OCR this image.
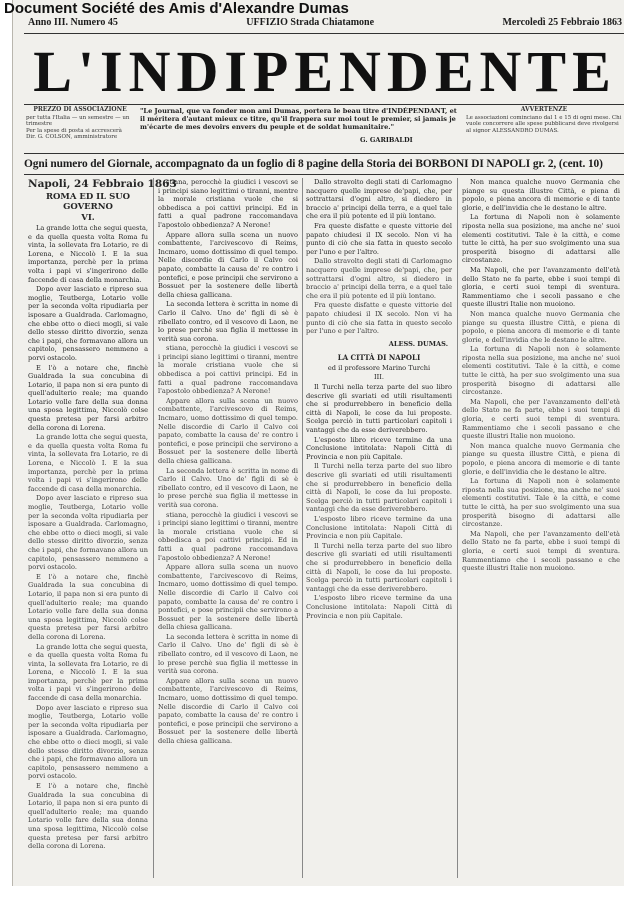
Document Société des Amis d'Alexandre Dumas
Anno III. Numero 45	UFFIZIO Strada Chiatamone	Mercoledì 25 Febbraio 1863
L'INDIPENDENTE
PREZZO DI ASSOCIAZIONE
per tutta l'Italia — un semestre — un trimestre
Per la spese di posta si accrescerà
Dir. G. COLSON, amministratore
"Le Journal, que va fonder mon ami Dumas, portera le beau titre d'INDÉPENDANT, et il méritera d'autant mieux ce titre, qu'il frappera sur moi tout le premier, si jamais je m'écarte de mes devoirs envers du peuple et de soldat humanitaire."
G. GARIBALDI
AVVERTENZE
Le associazioni cominciano dal 1 e 15 di ogni mese. Chi vuole concorrere alle spese pubblicarsi deve rivolgersi al signor ALESSANDRO DUMAS.
Ogni numero del Giornale, accompagnato da un foglio di 8 pagine della Storia dei BORBONI DI NAPOLI gr. 2, (cent. 10)

Napoli, 24 Febbraio 1863

ROMA ED IL SUO GOVERNO

VI.

La grande lotta che segui questa, e da quella questa volta Roma fu vinta, la sollevata fra Lotario, re di Lorena, e Niccolò I. E la sua importanza, perchè per la prima volta i papi vi s'ingerirono delle faccende di casa della monarchia.

Dopo aver lasciato e ripreso sua moglie, Teutberga, Lotario volle per la seconda volta ripudiarla per isposare a Gualdrada. Carlomagno, che ebbe otto o dieci mogli, si vale dello stesso diritto divorzio, senza che i papi, che formavano allora un capitolo, pensassero nemmeno a porvi ostacolo.

E l'ò a notare che, finchè Gualdrada la sua concubina di Lotario, il papa non si era punto di quell'adulterio reale; ma quando Lotario volle fare della sua donna una sposa legittima, Niccolò colse questa pretesa per farsi arbitro della corona di Lorena.

La grande lotta che segui questa, e da quella questa volta Roma fu vinta, la sollevata fra Lotario, re di Lorena, e Niccolò I. E la sua importanza, perchè per la prima volta i papi vi s'ingerirono delle faccende di casa della monarchia.

Dopo aver lasciato e ripreso sua moglie, Teutberga, Lotario volle per la seconda volta ripudiarla per isposare a Gualdrada. Carlomagno, che ebbe otto o dieci mogli, si vale dello stesso diritto divorzio, senza che i papi, che formavano allora un capitolo, pensassero nemmeno a porvi ostacolo.

E l'ò a notare che, finchè Gualdrada la sua concubina di Lotario, il papa non si era punto di quell'adulterio reale; ma quando Lotario volle fare della sua donna una sposa legittima, Niccolò colse questa pretesa per farsi arbitro della corona di Lorena.

La grande lotta che segui questa, e da quella questa volta Roma fu vinta, la sollevata fra Lotario, re di Lorena, e Niccolò I. E la sua importanza, perchè per la prima volta i papi vi s'ingerirono delle faccende di casa della monarchia.

Dopo aver lasciato e ripreso sua moglie, Teutberga, Lotario volle per la seconda volta ripudiarla per isposare a Gualdrada. Carlomagno, che ebbe otto o dieci mogli, si vale dello stesso diritto divorzio, senza che i papi, che formavano allora un capitolo, pensassero nemmeno a porvi ostacolo.

E l'ò a notare che, finchè Gualdrada la sua concubina di Lotario, il papa non si era punto di quell'adulterio reale; ma quando Lotario volle fare della sua donna una sposa legittima, Niccolò colse questa pretesa per farsi arbitro della corona di Lorena.

stiana, perocchè la giudici i vescovi se i principi siano legittimi o tiranni, mentre la morale cristiana vuole che si obbedisca a poi cattivi principi. Ed in fatti a qual padrone raccomandava l'apostolo obbedienza? A Nerone!

Appare allora sulla scena un nuovo combattente, l'arcivescovo di Reims, Incmaro, uomo dottissimo di quel tempo. Nelle discordie di Carlo il Calvo coi papato, combatte la causa de' re contro i pontefici, e pose principii che servirono a Bossuet per la sostenere delle libertà della chiesa gallicana.

La seconda lettera è scritta in nome di Carlo il Calvo. Uno de' figli di sè è ribellato contro, ed il vescovo di Laon, ne lo prese perchè sua figlia il mettesse in verità sua corona.

stiana, perocchè la giudici i vescovi se i principi siano legittimi o tiranni, mentre la morale cristiana vuole che si obbedisca a poi cattivi principi. Ed in fatti a qual padrone raccomandava l'apostolo obbedienza? A Nerone!

Appare allora sulla scena un nuovo combattente, l'arcivescovo di Reims, Incmaro, uomo dottissimo di quel tempo. Nelle discordie di Carlo il Calvo coi papato, combatte la causa de' re contro i pontefici, e pose principii che servirono a Bossuet per la sostenere delle libertà della chiesa gallicana.

La seconda lettera è scritta in nome di Carlo il Calvo. Uno de' figli di sè è ribellato contro, ed il vescovo di Laon, ne lo prese perchè sua figlia il mettesse in verità sua corona.

stiana, perocchè la giudici i vescovi se i principi siano legittimi o tiranni, mentre la morale cristiana vuole che si obbedisca a poi cattivi principi. Ed in fatti a qual padrone raccomandava l'apostolo obbedienza? A Nerone!

Appare allora sulla scena un nuovo combattente, l'arcivescovo di Reims, Incmaro, uomo dottissimo di quel tempo. Nelle discordie di Carlo il Calvo coi papato, combatte la causa de' re contro i pontefici, e pose principii che servirono a Bossuet per la sostenere delle libertà della chiesa gallicana.

La seconda lettera è scritta in nome di Carlo il Calvo. Uno de' figli di sè è ribellato contro, ed il vescovo di Laon, ne lo prese perchè sua figlia il mettesse in verità sua corona.

Appare allora sulla scena un nuovo combattente, l'arcivescovo di Reims, Incmaro, uomo dottissimo di quel tempo. Nelle discordie di Carlo il Calvo coi papato, combatte la causa de' re contro i pontefici, e pose principii che servirono a Bossuet per la sostenere delle libertà della chiesa gallicana.

Dallo stravolto degli stati di Carlomagno nacquero quelle imprese de'papi, che, per sottrattarsi d'ogni altro, si diedero in braccio a' principi della terra, e a quel tale che era il più potente ed il più lontano.

Fra queste disfatte e queste vittorie del papato chiudesi il IX secolo. Non vi ha punto di ciò che sia fatta in questo secolo per l'uno e per l'altro.

Dallo stravolto degli stati di Carlomagno nacquero quelle imprese de'papi, che, per sottrattarsi d'ogni altro, si diedero in braccio a' principi della terra, e a quel tale che era il più potente ed il più lontano.

Fra queste disfatte e queste vittorie del papato chiudesi il IX secolo. Non vi ha punto di ciò che sia fatta in questo secolo per l'uno e per l'altro.

ALESS. DUMAS.

LA CITTÀ DI NAPOLI

ed il professore Marino Turchi

III.

Il Turchi nella terza parte del suo libro descrive gli svariati ed utili risultamenti che si produrrebbero in beneficio della città di Napoli, le cose da lui proposte. Scelga perciò in tutti particolari capitoli i vantaggi che da esse deriverebbero.

L'esposto libro riceve termine da una Conclusione intitolata: Napoli Città di Provincia e non più Capitale.

Il Turchi nella terza parte del suo libro descrive gli svariati ed utili risultamenti che si produrrebbero in beneficio della città di Napoli, le cose da lui proposte. Scelga perciò in tutti particolari capitoli i vantaggi che da esse deriverebbero.

L'esposto libro riceve termine da una Conclusione intitolata: Napoli Città di Provincia e non più Capitale.

Il Turchi nella terza parte del suo libro descrive gli svariati ed utili risultamenti che si produrrebbero in beneficio della città di Napoli, le cose da lui proposte. Scelga perciò in tutti particolari capitoli i vantaggi che da esse deriverebbero.

L'esposto libro riceve termine da una Conclusione intitolata: Napoli Città di Provincia e non più Capitale.

Non manca qualche nuovo Germania che piange su questa illustre Città, e piena di popolo, e piena ancora di memorie e di tante glorie, e dell'invidia che le destano le altre.

La fortuna di Napoli non è solamente riposta nella sua posizione, ma anche ne' suoi elementi costitutivi. Tale è la città, e come tutte le città, ha per suo svolgimento una sua prosperità bisogno di adattarsi alle circostanze.

Ma Napoli, che per l'avanzamento dell'età dello Stato ne fa parte, ebbe i suoi tempi di gloria, e certi suoi tempi di sventura. Rammentiamo che i secoli passano e che queste illustri Italie non muoiono.

Non manca qualche nuovo Germania che piange su questa illustre Città, e piena di popolo, e piena ancora di memorie e di tante glorie, e dell'invidia che le destano le altre.

La fortuna di Napoli non è solamente riposta nella sua posizione, ma anche ne' suoi elementi costitutivi. Tale è la città, e come tutte le città, ha per suo svolgimento una sua prosperità bisogno di adattarsi alle circostanze.

Ma Napoli, che per l'avanzamento dell'età dello Stato ne fa parte, ebbe i suoi tempi di gloria, e certi suoi tempi di sventura. Rammentiamo che i secoli passano e che queste illustri Italie non muoiono.

Non manca qualche nuovo Germania che piange su questa illustre Città, e piena di popolo, e piena ancora di memorie e di tante glorie, e dell'invidia che le destano le altre.

La fortuna di Napoli non è solamente riposta nella sua posizione, ma anche ne' suoi elementi costitutivi. Tale è la città, e come tutte le città, ha per suo svolgimento una sua prosperità bisogno di adattarsi alle circostanze.

Ma Napoli, che per l'avanzamento dell'età dello Stato ne fa parte, ebbe i suoi tempi di gloria, e certi suoi tempi di sventura. Rammentiamo che i secoli passano e che queste illustri Italie non muoiono.
